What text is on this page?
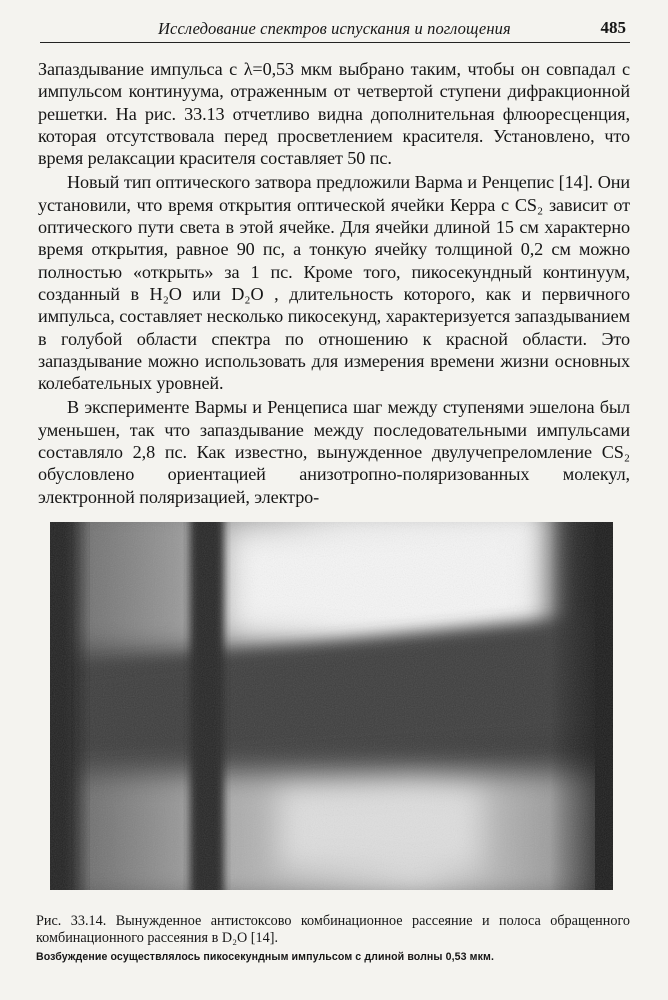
Исследование спектров испускания и поглощения	485

Запаздывание импульса с λ=0,53 мкм выбрано таким, чтобы он совпадал с импульсом континуума, отраженным от четвертой ступени дифракционной решетки. На рис. 33.13 отчетливо видна дополнительная флюоресценция, которая отсутствовала перед просветлением красителя. Установлено, что время релаксации красителя составляет 50 пс.

Новый тип оптического затвора предложили Варма и Ренцепис [14]. Они установили, что время открытия оптической ячейки Керра с CS₂ зависит от оптического пути света в этой ячейке. Для ячейки длиной 15 см характерно время открытия, равное 90 пс, а тонкую ячейку толщиной 0,2 см можно полностью «открыть» за 1 пс. Кроме того, пикосекундный континуум, созданный в H₂O или D₂O , длительность которого, как и первичного импульса, составляет несколько пикосекунд, характеризуется запаздыванием в голубой области спектра по отношению к красной области. Это запаздывание можно использовать для измерения времени жизни основных колебательных уровней.

В эксперименте Вармы и Ренцеписа шаг между ступенями эшелона был уменьшен, так что запаздывание между последовательными импульсами составляло 2,8 пс. Как известно, вынужденное двулучепреломление CS₂ обусловлено ориентацией анизотропно-поляризованных молекул, электронной поляризацией, электро-

Рис. 33.14. Вынужденное антистоксово комбинационное рассеяние и полоса обращенного комбинационного рассеяния в D₂O [14].
Возбуждение осуществлялось пикосекундным импульсом с длиной волны 0,53 мкм.
